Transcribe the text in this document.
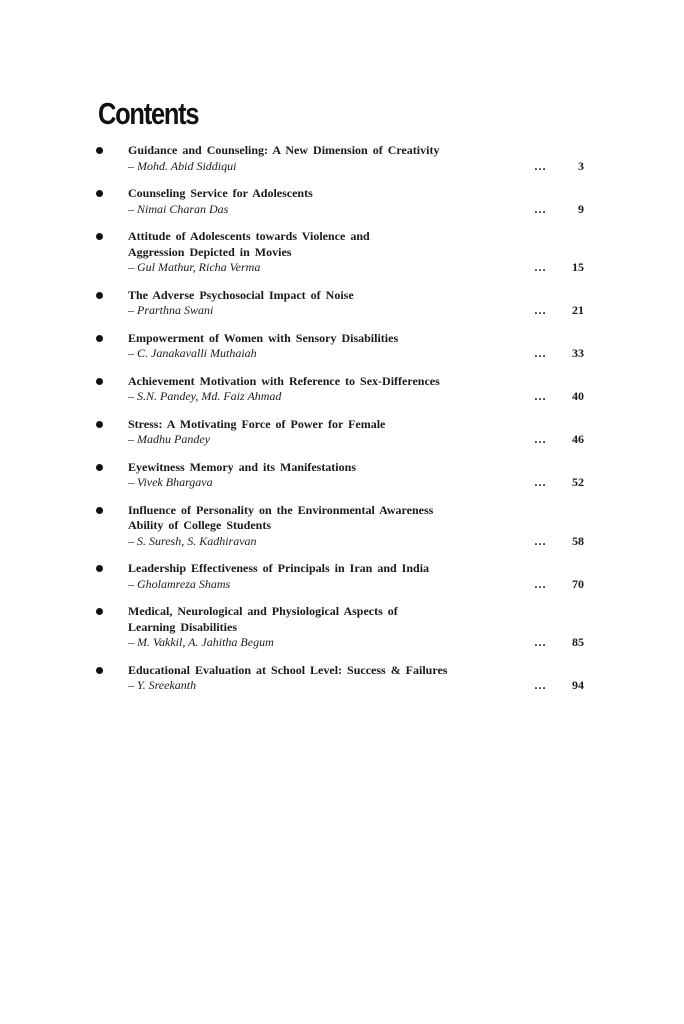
Contents
Guidance and Counseling: A New Dimension of Creativity
– Mohd. Abid Siddiqui	…	3
Counseling Service for Adolescents
– Nimai Charan Das	…	9
Attitude of Adolescents towards Violence and
Aggression Depicted in Movies
– Gul Mathur, Richa Verma	…	15
The Adverse Psychosocial Impact of Noise
– Prarthna Swani	…	21
Empowerment of Women with Sensory Disabilities
– C. Janakavalli Muthaiah	…	33
Achievement Motivation with Reference to Sex-Differences
– S.N. Pandey, Md. Faiz Ahmad	…	40
Stress: A Motivating Force of Power for Female
– Madhu Pandey	…	46
Eyewitness Memory and its Manifestations
– Vivek Bhargava	…	52
Influence of Personality on the Environmental Awareness
Ability of College Students
– S. Suresh, S. Kadhiravan	…	58
Leadership Effectiveness of Principals in Iran and India
– Gholamreza Shams	…	70
Medical, Neurological and Physiological Aspects of
Learning Disabilities
– M. Vakkil, A. Jahitha Begum	…	85
Educational Evaluation at School Level: Success & Failures
– Y. Sreekanth	…	94
